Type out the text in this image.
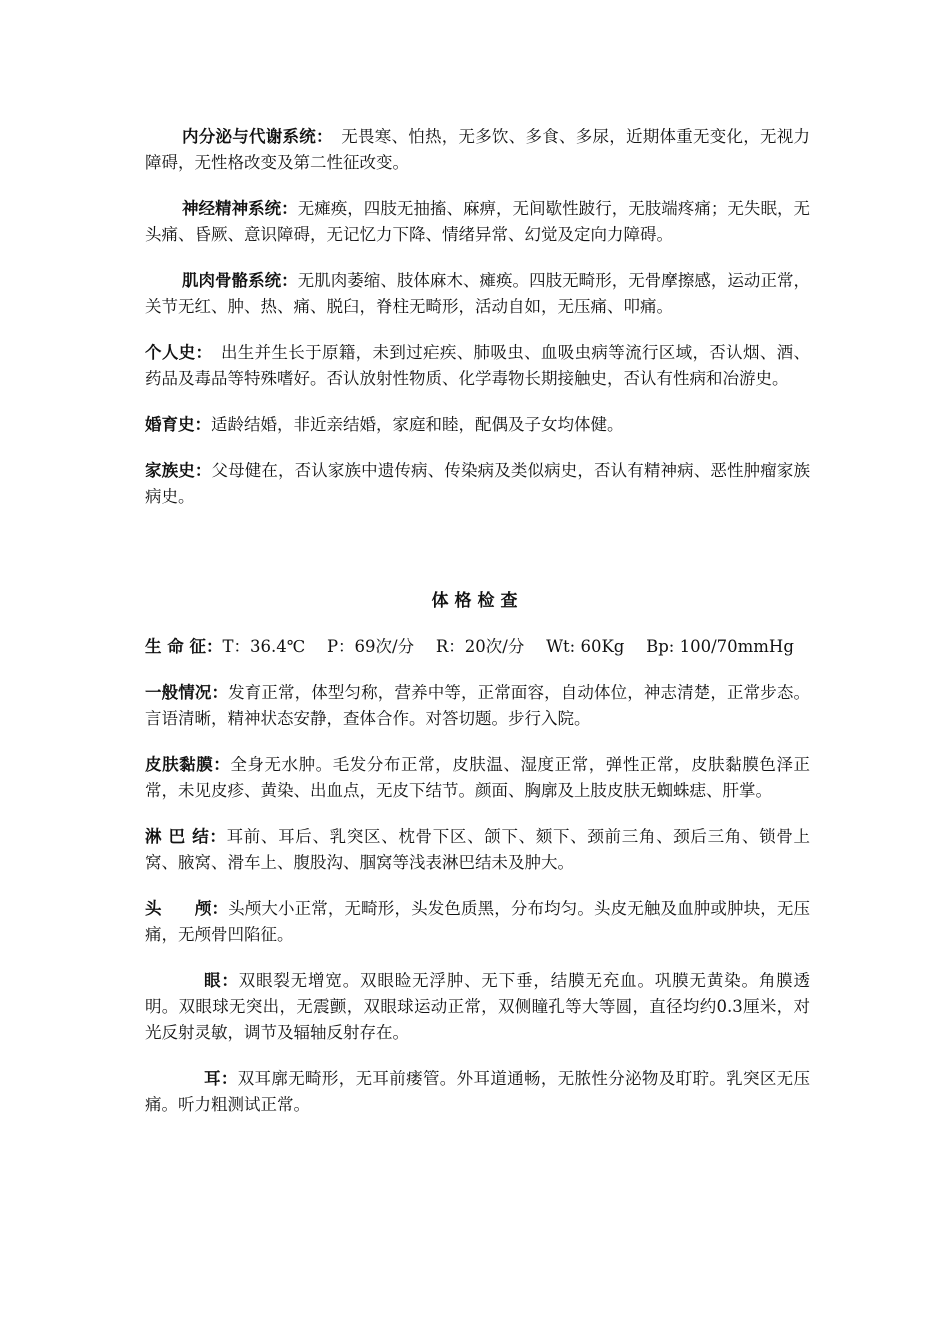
内分泌与代谢系统：　无畏寒、怕热，无多饮、多食、多尿，近期体重无变化，无视力障碍，无性格改变及第二性征改变。

神经精神系统：无瘫痪，四肢无抽搐、麻痹，无间歇性跛行，无肢端疼痛；无失眠，无头痛、昏厥、意识障碍，无记忆力下降、情绪异常、幻觉及定向力障碍。

肌肉骨骼系统：无肌肉萎缩、肢体麻木、瘫痪。四肢无畸形，无骨摩擦感，运动正常，关节无红、肿、热、痛、脱臼，脊柱无畸形，活动自如，无压痛、叩痛。

个人史：　出生并生长于原籍，未到过疟疾、肺吸虫、血吸虫病等流行区域，否认烟、酒、药品及毒品等特殊嗜好。否认放射性物质、化学毒物长期接触史，否认有性病和冶游史。

婚育史：适龄结婚，非近亲结婚，家庭和睦，配偶及子女均体健。

家族史：父母健在，否认家族中遗传病、传染病及类似病史，否认有精神病、恶性肿瘤家族病史。

体格检查

生 命 征：T：36.4℃　 P：69次/分　 R：20次/分　 Wt: 60Kg　 Bp: 100/70mmHg

一般情况：发育正常，体型匀称，营养中等，正常面容，自动体位，神志清楚，正常步态。言语清晰，精神状态安静，查体合作。对答切题。步行入院。

皮肤黏膜：全身无水肿。毛发分布正常，皮肤温、湿度正常，弹性正常，皮肤黏膜色泽正常，未见皮疹、黄染、出血点，无皮下结节。颜面、胸廓及上肢皮肤无蜘蛛痣、肝掌。

淋 巴 结：耳前、耳后、乳突区、枕骨下区、颌下、颏下、颈前三角、颈后三角、锁骨上窝、腋窝、滑车上、腹股沟、腘窝等浅表淋巴结未及肿大。

头　　颅：头颅大小正常，无畸形，头发色质黑，分布均匀。头皮无触及血肿或肿块，无压痛，无颅骨凹陷征。

眼：双眼裂无增宽。双眼睑无浮肿、无下垂，结膜无充血。巩膜无黄染。角膜透明。双眼球无突出，无震颤，双眼球运动正常，双侧瞳孔等大等圆，直径均约0.3厘米，对光反射灵敏，调节及辐轴反射存在。

耳：双耳廓无畸形，无耳前瘘管。外耳道通畅，无脓性分泌物及耵聍。乳突区无压痛。听力粗测试正常。
